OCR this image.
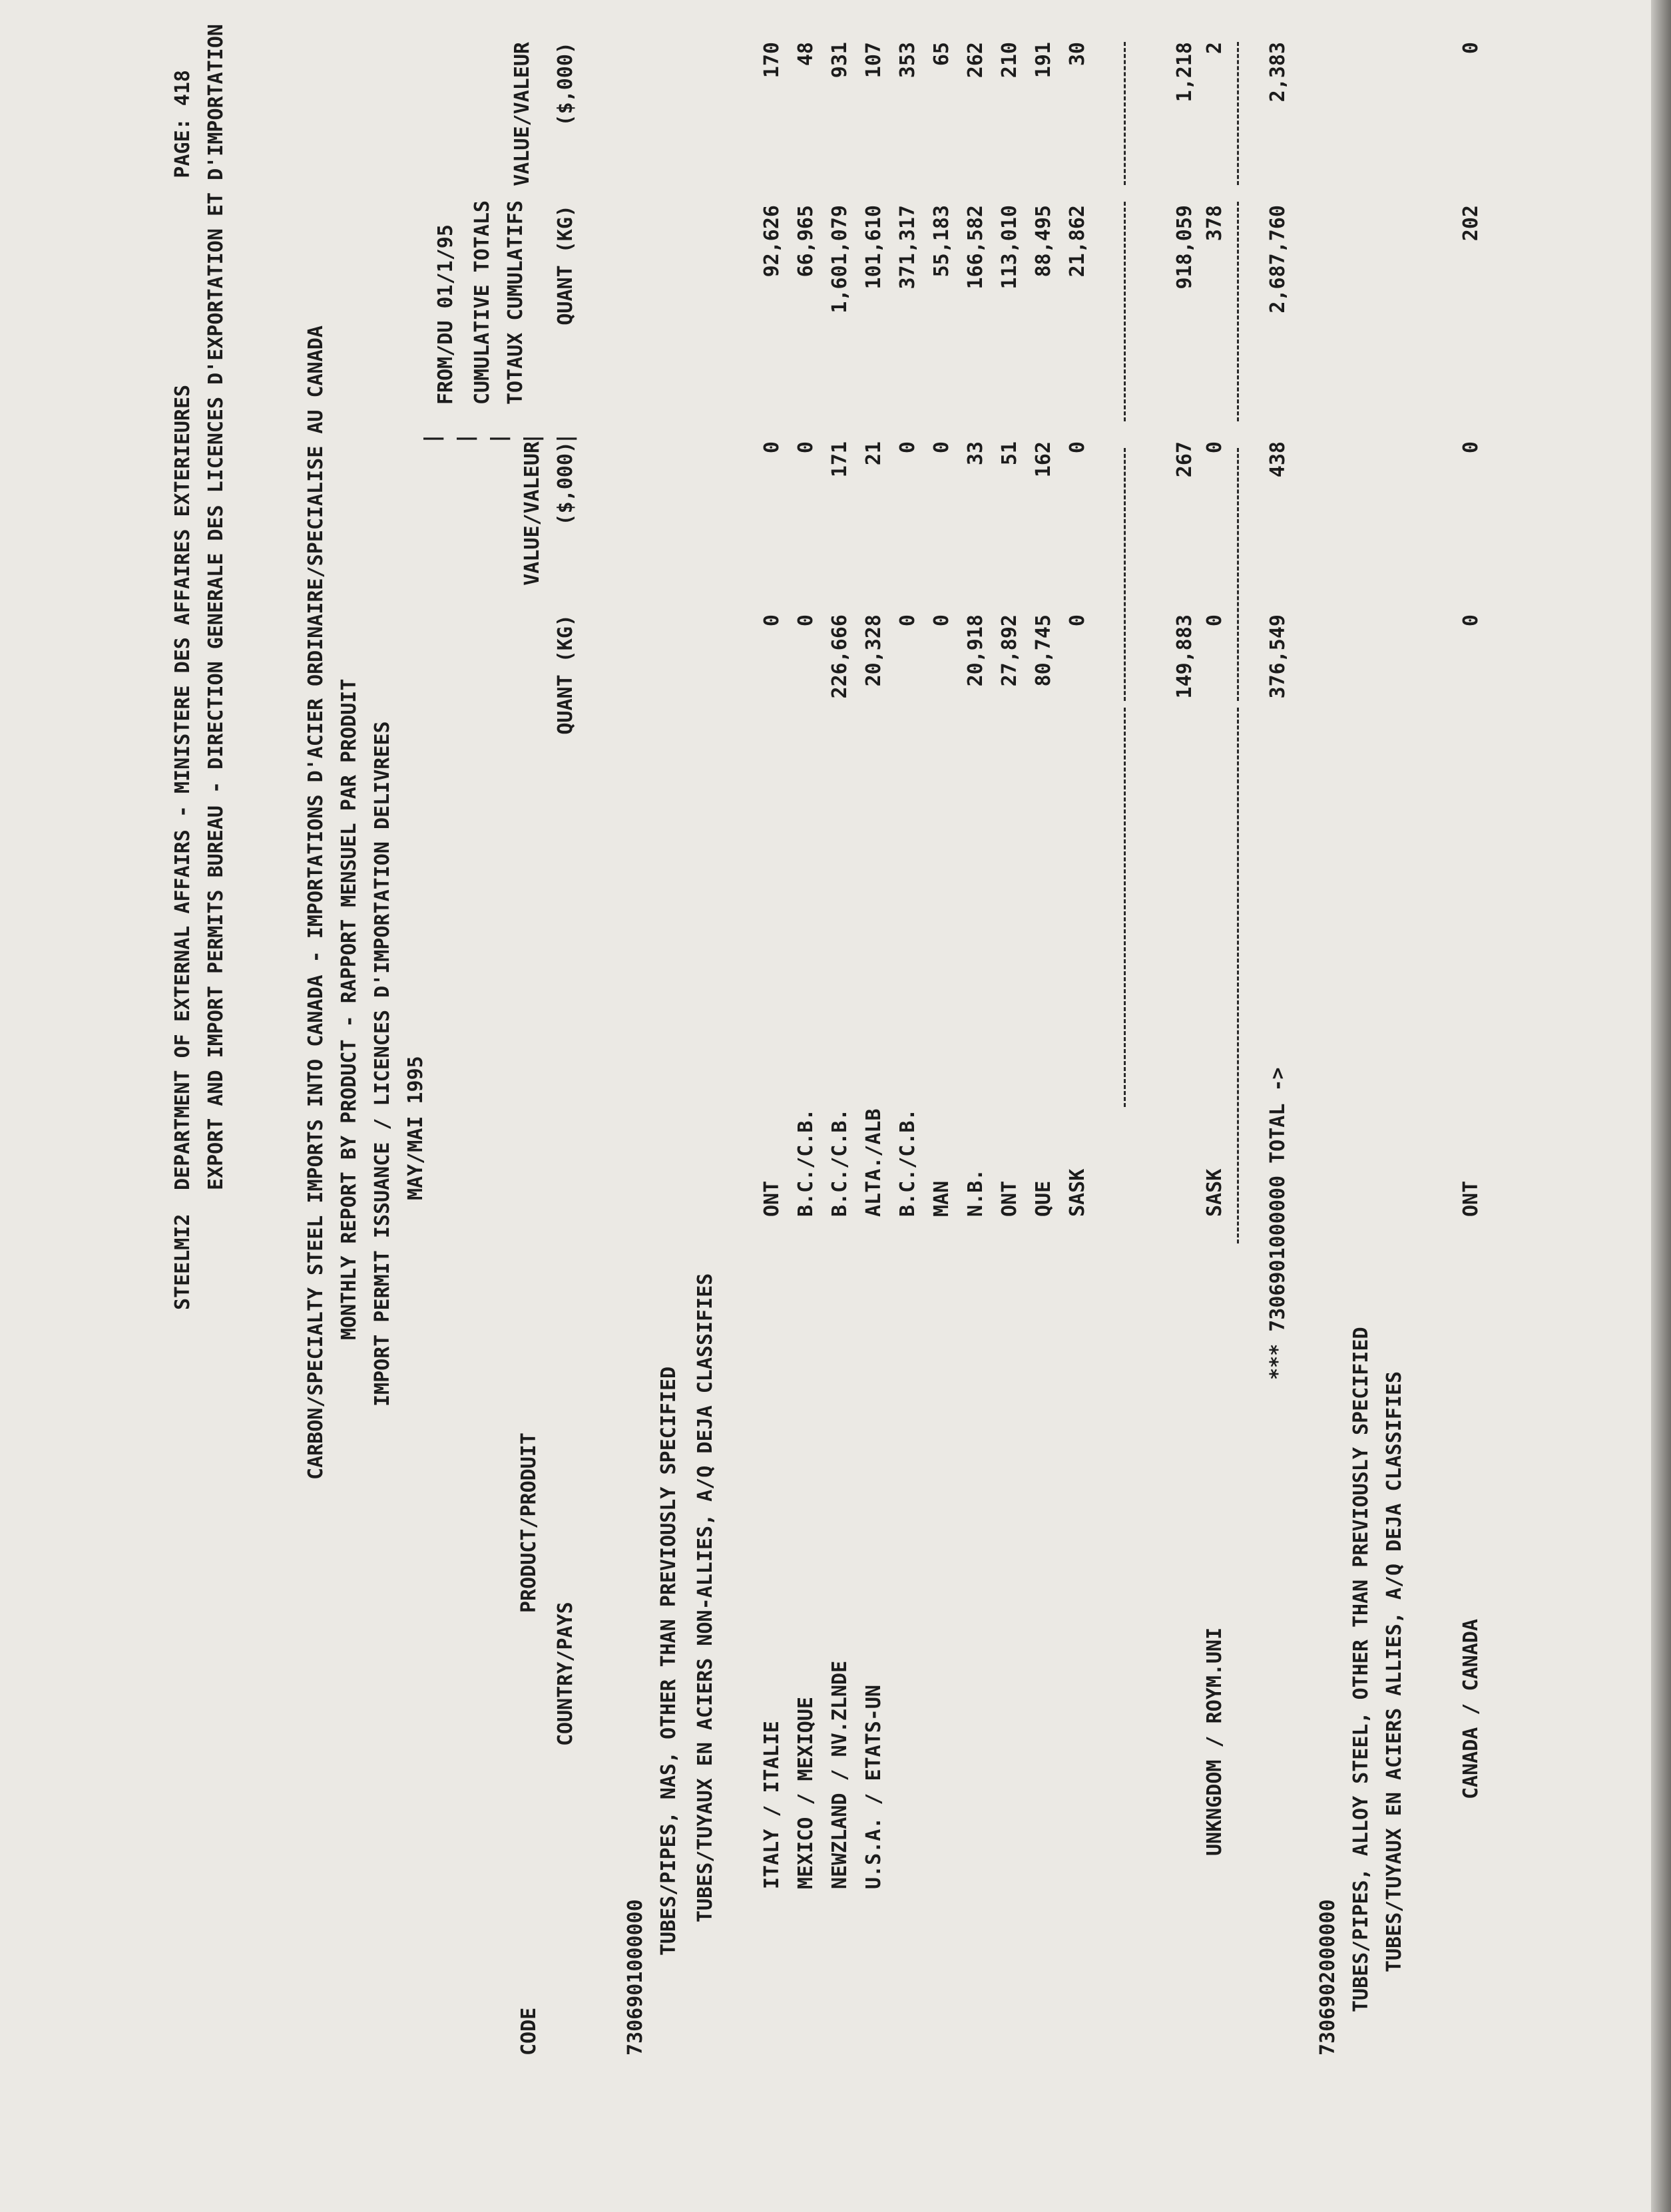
STEELMI2
DEPARTMENT OF EXTERNAL AFFAIRS - MINISTERE DES AFFAIRES EXTERIEURES EXPORT AND IMPORT PERMITS BUREAU - DIRECTION GENERALE DES LICENCES D'EXPORTATION ET D'IMPORTATION
PAGE: 418
CARBON/SPECIALTY STEEL IMPORTS INTO CANADA - IMPORTATIONS D'ACIER ORDINAIRE/SPECIALISE AU CANADA MONTHLY REPORT BY PRODUCT - RAPPORT MENSUEL PAR PRODUIT IMPORT PERMIT ISSUANCE / LICENCES D'IMPORTATION DELIVREES MAY/MAI 1995
CODE
PRODUCT/PRODUIT
COUNTRY/PAYS
QUANT (KG)
VALUE/VALEUR ($,000)
| | | | |
FROM/DU 01/1/95 CUMULATIVE TOTALS TOTAUX CUMULATIFS QUANT (KG)
VALUE/VALEUR ($,000)
7306901000000
TUBES/PIPES, NAS, OTHER THAN PREVIOUSLY SPECIFIED TUBES/TUYAUX EN ACIERS NON-ALLIES, A/Q DEJA CLASSIFIES ITALY / ITALIE
ONT
0
0
92,626
170
MEXICO / MEXIQUE
B.C./C.B.
0
0
66,965
48
NEWZLAND / NV.ZLNDE
B.C./C.B.
226,666
171
1,601,079
931
U.S.A. / ETATS-UN
ALTA./ALB
20,328
21
101,610
107
B.C./C.B.
0
0
371,317
353
MAN
0
0
55,183
65
N.B.
20,918
33
166,582
262
ONT
27,892
51
113,010
210
QUE
80,745
162
88,495
191
SASK
0
0
21,862
30
149,883
267
918,059
1,218
UNKNGDOM / ROYM.UNI
SASK
0
0
378
2
*** 7306901000000 TOTAL ->
376,549
438
2,687,760
2,383
7306902000000 TUBES/PIPES, ALLOY STEEL, OTHER THAN PREVIOUSLY SPECIFIED TUBES/TUYAUX EN ACIERS ALLIES, A/Q DEJA CLASSIFIES	CANADA / CANADA
ONT
0
0
202
0
